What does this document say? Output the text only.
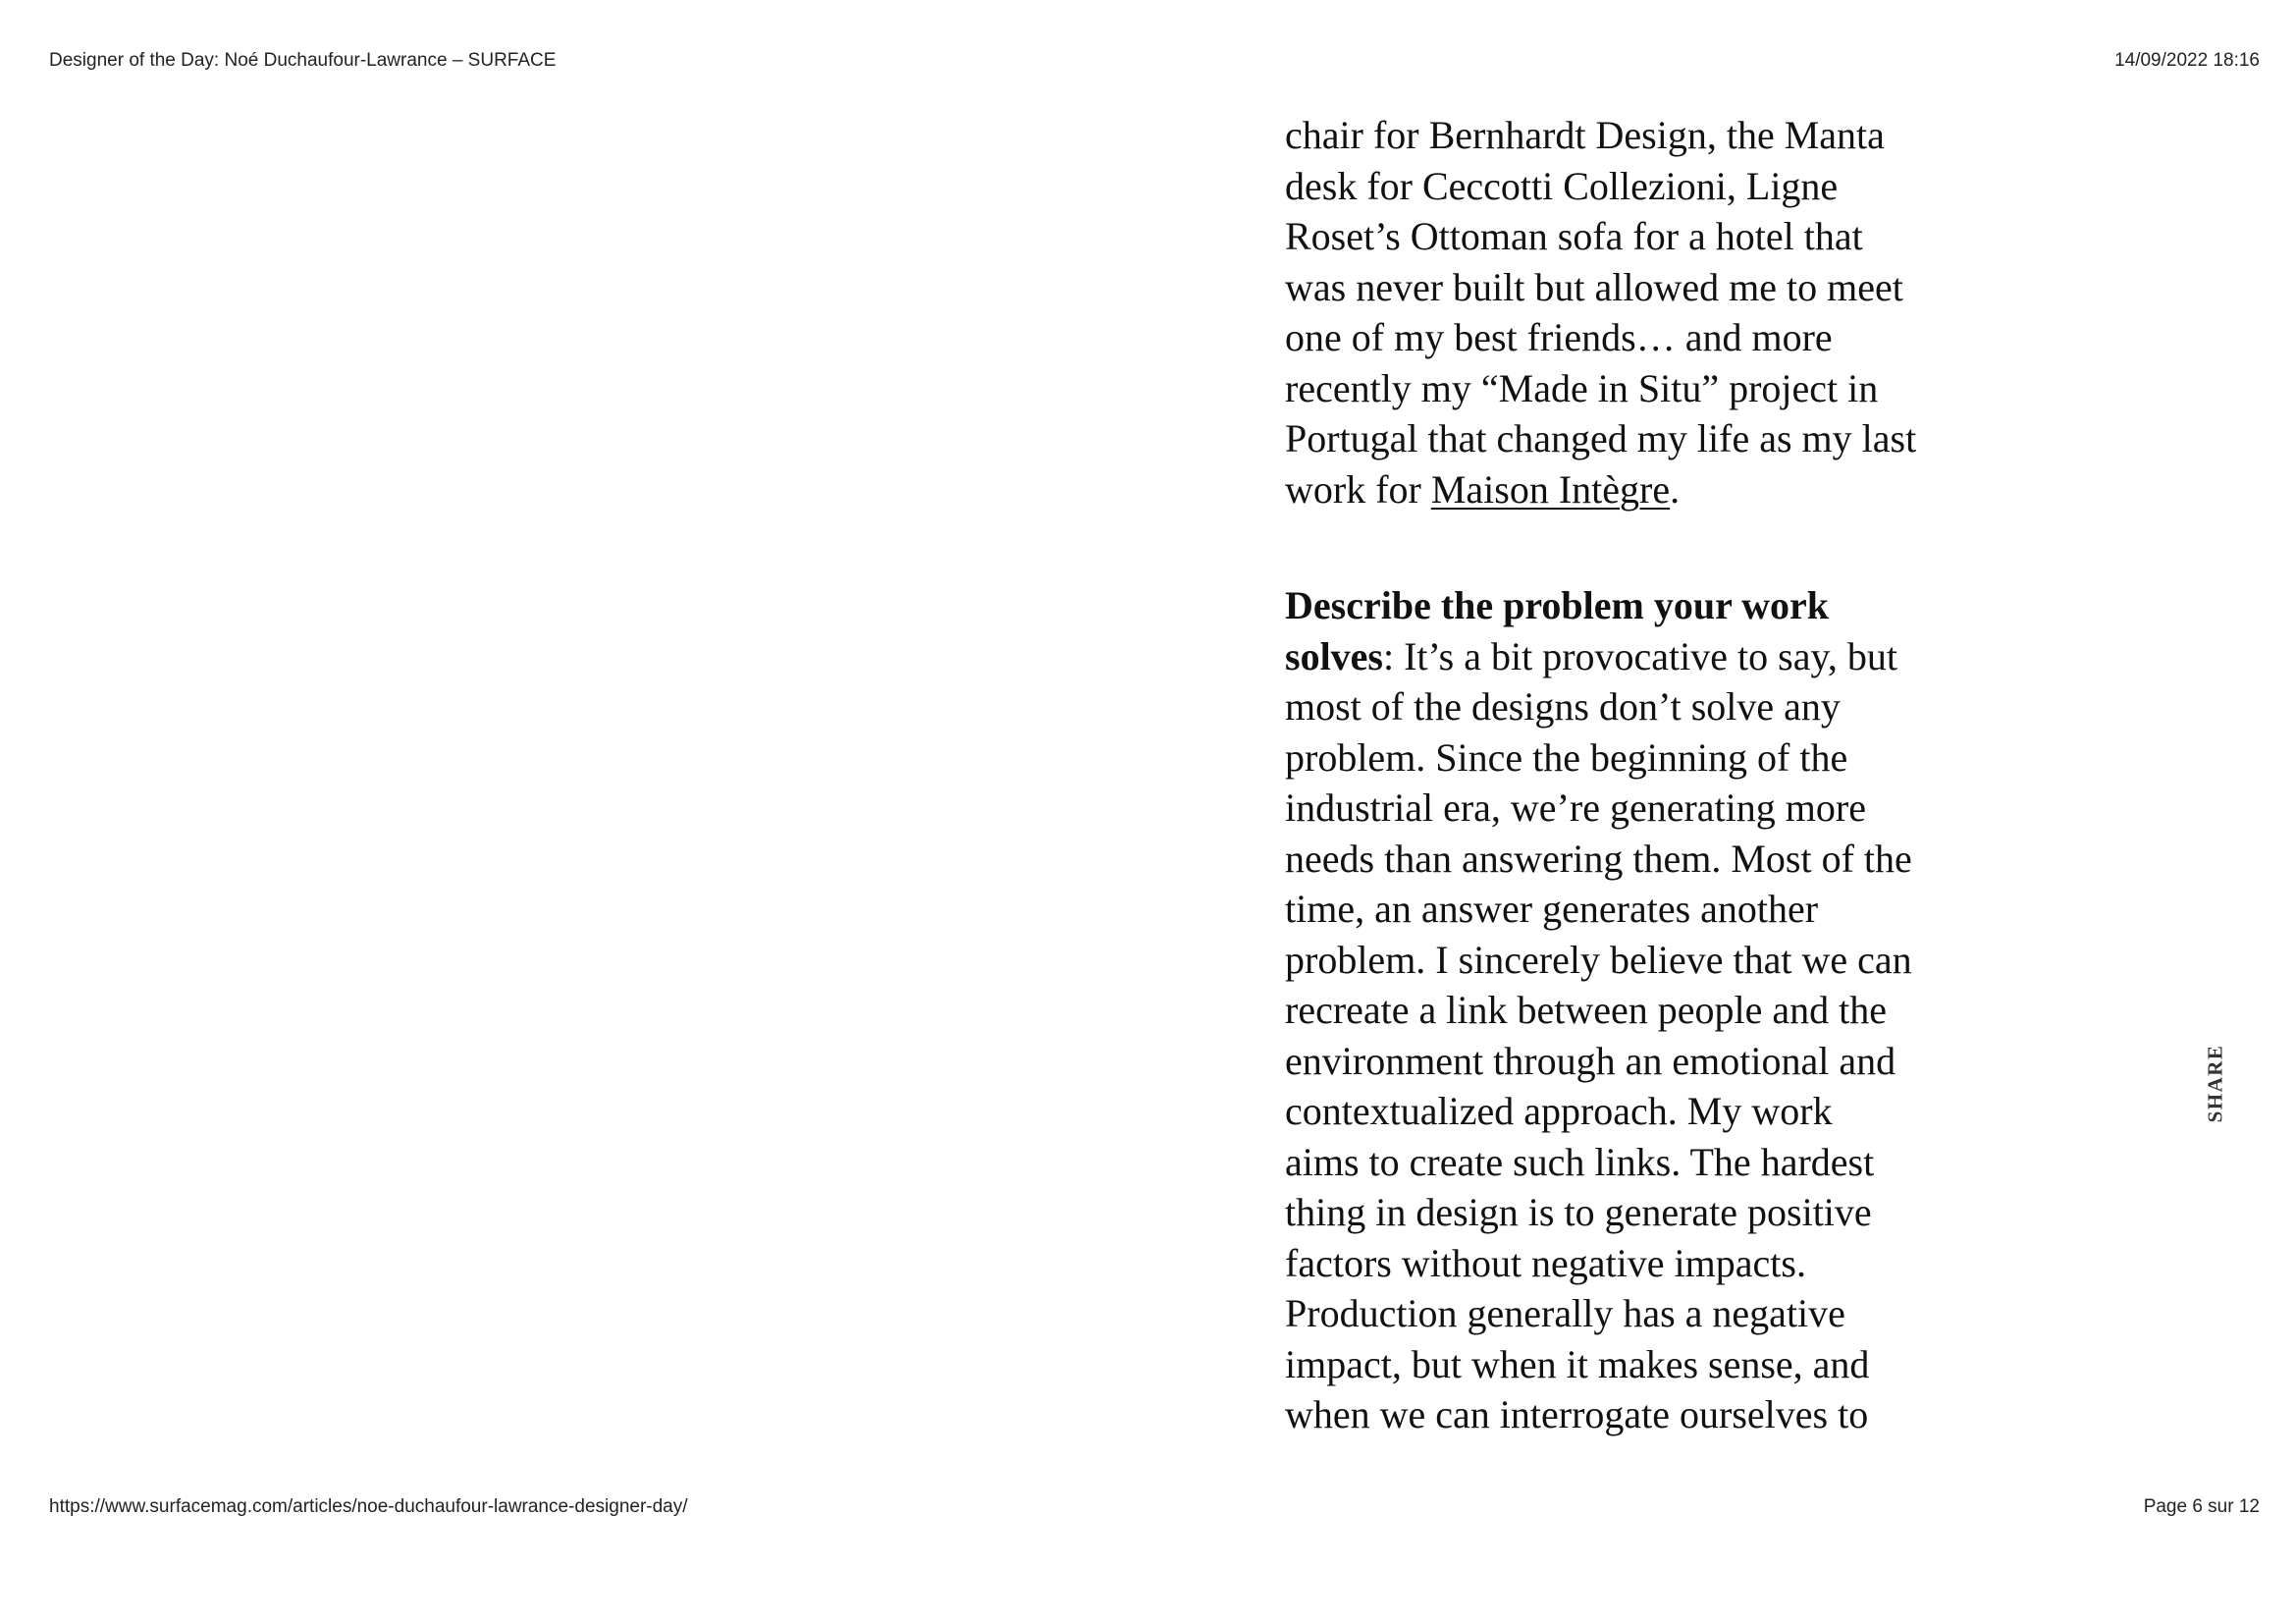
Designer of the Day: Noé Duchaufour-Lawrance – SURFACE	14/09/2022 18:16

chair for Bernhardt Design, the Manta
desk for Ceccotti Collezioni, Ligne
Roset’s Ottoman sofa for a hotel that
was never built but allowed me to meet
one of my best friends… and more
recently my “Made in Situ” project in
Portugal that changed my life as my last
work for Maison Intègre.

Describe the problem your work
solves: It’s a bit provocative to say, but
most of the designs don’t solve any
problem. Since the beginning of the
industrial era, we’re generating more
needs than answering them. Most of the
time, an answer generates another
problem. I sincerely believe that we can
recreate a link between people and the
environment through an emotional and
contextualized approach. My work
aims to create such links. The hardest
thing in design is to generate positive
factors without negative impacts.
Production generally has a negative
impact, but when it makes sense, and
when we can interrogate ourselves to

SHARE
https://www.surfacemag.com/articles/noe-duchaufour-lawrance-designer-day/	Page 6 sur 12
